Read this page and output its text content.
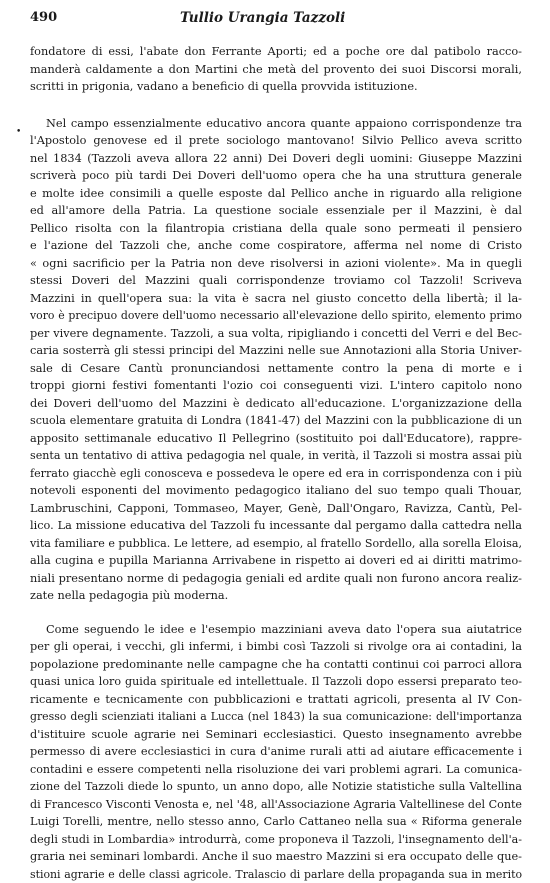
490	Tullio Urangia Tazzoli
•
fondatore di essi, l'abate don Ferrante Aporti; ed a poche ore dal patibolo racco-
manderà caldamente a don Martini che metà del provento dei suoi Discorsi morali,
scritti in prigonia, vadano a beneficio di quella provvida istituzione.
Nel campo essenzialmente educativo ancora quante appaiono corrispondenze tra
l'Apostolo genovese ed il prete sociologo mantovano! Silvio Pellico aveva scritto
nel 1834 (Tazzoli aveva allora 22 anni) Dei Doveri degli uomini: Giuseppe Mazzini
scriverà poco più tardi Dei Doveri dell'uomo opera che ha una struttura generale
e molte idee consimili a quelle esposte dal Pellico anche in riguardo alla religione
ed all'amore della Patria. La questione sociale essenziale per il Mazzini, è dal
Pellico risolta con la filantropia cristiana della quale sono permeati il pensiero
e l'azione del Tazzoli che, anche come cospiratore, afferma nel nome di Cristo
« ogni sacrificio per la Patria non deve risolversi in azioni violente». Ma in quegli
stessi Doveri del Mazzini quali corrispondenze troviamo col Tazzoli! Scriveva
Mazzini in quell'opera sua: la vita è sacra nel giusto concetto della libertà; il la-
voro è precipuo dovere dell'uomo necessario all'elevazione dello spirito, elemento primo
per vivere degnamente. Tazzoli, a sua volta, ripigliando i concetti del Verri e del Bec-
caria sosterrà gli stessi principi del Mazzini nelle sue Annotazioni alla Storia Univer-
sale di Cesare Cantù pronunciandosi nettamente contro la pena di morte e i
troppi giorni festivi fomentanti l'ozio coi conseguenti vizi. L'intero capitolo nono
dei Doveri dell'uomo del Mazzini è dedicato all'educazione. L'organizzazione della
scuola elementare gratuita di Londra (1841-47) del Mazzini con la pubblicazione di un
apposito settimanale educativo Il Pellegrino (sostituito poi dall'Educatore), rappre-
senta un tentativo di attiva pedagogia nel quale, in verità, il Tazzoli si mostra assai più
ferrato giacchè egli conosceva e possedeva le opere ed era in corrispondenza con i più
notevoli esponenti del movimento pedagogico italiano del suo tempo quali Thouar,
Lambruschini, Capponi, Tommaseo, Mayer, Genè, Dall'Ongaro, Ravizza, Cantù, Pel-
lico. La missione educativa del Tazzoli fu incessante dal pergamo dalla cattedra nella
vita familiare e pubblica. Le lettere, ad esempio, al fratello Sordello, alla sorella Eloisa,
alla cugina e pupilla Marianna Arrivabene in rispetto ai doveri ed ai diritti matrimo-
niali presentano norme di pedagogia geniali ed ardite quali non furono ancora realiz-
zate nella pedagogia più moderna.
Come seguendo le idee e l'esempio mazziniani aveva dato l'opera sua aiutatrice
per gli operai, i vecchi, gli infermi, i bimbi così Tazzoli si rivolge ora ai contadini, la
popolazione predominante nelle campagne che ha contatti continui coi parroci allora
quasi unica loro guida spirituale ed intellettuale. Il Tazzoli dopo essersi preparato teo-
ricamente e tecnicamente con pubblicazioni e trattati agricoli, presenta al IV Con-
gresso degli scienziati italiani a Lucca (nel 1843) la sua comunicazione: dell'importanza
d'istituire scuole agrarie nei Seminari ecclesiastici. Questo insegnamento avrebbe
permesso di avere ecclesiastici in cura d'anime rurali atti ad aiutare efficacemente i
contadini e essere competenti nella risoluzione dei vari problemi agrari. La comunica-
zione del Tazzoli diede lo spunto, un anno dopo, alle Notizie statistiche sulla Valtellina
di Francesco Visconti Venosta e, nel '48, all'Associazione Agraria Valtellinese del Conte
Luigi Torelli, mentre, nello stesso anno, Carlo Cattaneo nella sua « Riforma generale
degli studi in Lombardia» introdurrà, come proponeva il Tazzoli, l'insegnamento dell'a-
graria nei seminari lombardi. Anche il suo maestro Mazzini si era occupato delle que-
stioni agrarie e delle classi agricole. Tralascio di parlare della propaganda sua in merito
